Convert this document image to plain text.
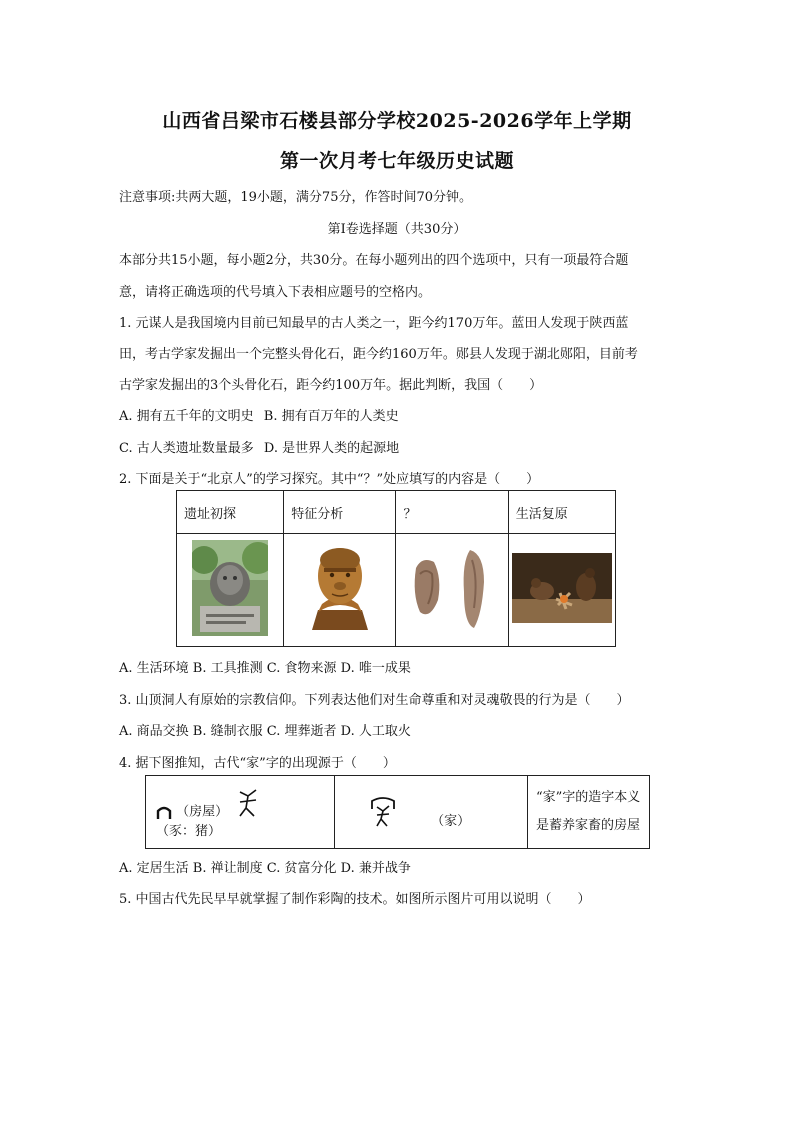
山西省吕梁市石楼县部分学校2025-2026学年上学期
第一次月考七年级历史试题
注意事项:共两大题，19小题，满分75分，作答时间70分钟。
第Ⅰ卷选择题（共30分）
本部分共15小题，每小题2分，共30分。在每小题列出的四个选项中，只有一项最符合题
意，请将正确选项的代号填入下表相应题号的空格内。
1. 元谋人是我国境内目前已知最早的古人类之一，距今约170万年。蓝田人发现于陕西蓝
田，考古学家发掘出一个完整头骨化石，距今约160万年。郧县人发现于湖北郧阳，目前考
古学家发掘出的3个头骨化石，距今约100万年。据此判断，我国（　　）
A. 拥有五千年的文明史 B. 拥有百万年的人类史
C. 古人类遗址数量最多 D. 是世界人类的起源地
2. 下面是关于“北京人”的学习探究。其中“？”处应填写的内容是（　　）
遗址初探	特征分析	？	生活复原

A. 生活环境 B. 工具推测 C. 食物来源 D. 唯一成果
3. 山顶洞人有原始的宗教信仰。下列表达他们对生命尊重和对灵魂敬畏的行为是（　　）
A. 商品交换 B. 缝制衣服 C. 埋葬逝者 D. 人工取火
4. 据下图推知，古代“家”字的出现源于（　　）
（房屋）  （豕：猪）	（家）	“家”字的造字本义是蓄养家畜的房屋
A. 定居生活 B. 禅让制度 C. 贫富分化 D. 兼并战争
5. 中国古代先民早早就掌握了制作彩陶的技术。如图所示图片可用以说明（　　）
